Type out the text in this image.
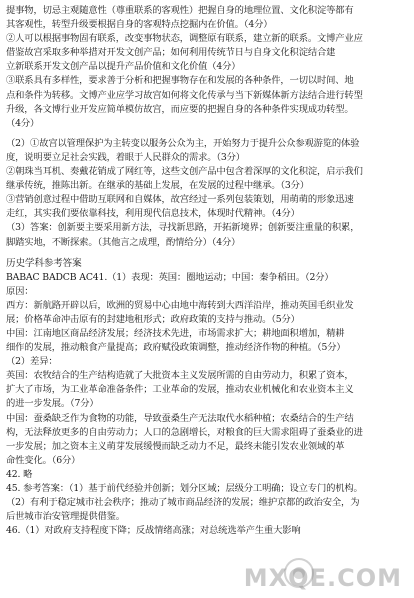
提事物，切忌主观随意性（尊重联系的客观性）把握自身的地理位置、文化积淀等都有
其客观性，转型升级要根据自身的客观特点挖掘内在价值。（4分）
②人可以根据事物固有联系，改变事物状态，调整原有联系，建立新的联系。文博产业应
借鉴故宫采取多种举措对开发文创产品；如何利用传统节日与自身文化积淀结合建
立新联系开发文创产品以提升产品价值和文化价值（4分）
③联系具有多样性，要求善于分析和把握事物存在和发展的各种条件，一切以时间、地
点和条件为转移。文博产业应学习故宫如何将文化传承与当下新媒体新方法结合进行转型
升级，各文博行业开发应简单模仿故宫，而应要的把握自身的各种条件实现成功转型。
（4分）
（2）①故宫以管理保护为主转变以服务公众为主，开始努力于提升公众参观游览的体验
度，说明要立足社会实践，着眼于人民群众的需求。（3分）
②朝珠当耳机、奏戴花销成了网红等，这些文创产品中包含着深厚的文化积淀，启示我们
继承传统，推陈出新。在继承的基础上发展，在发展的过程中继承。（3分）
③营销创意过程中借助互联网和自媒体，故宫经过一系列包装策划，用萌萌的形象迅速
走红，其实我们要依靠科技，利用现代信息技术，体现时代精神。（4分）
（3）答案：创新要主要采用新方法，寻找新思路，开拓新境界；创新要注重量的积累，
脚踏实地，不断探索。（其他言之成理，酌情给分）（4分）
历史学科参考答案
BABAC BADCB AC41.（1）表现：英国：圈地运动；中国：秦争稻田。（2分）
原因：
西方：新航路开辟以后，欧洲的贸易中心由地中海转到大西洋沿岸，推动英国毛织业发
展；价格革命冲击原有的封建地租形式；政府政策的支持与推动。（5分）
中国：江南地区商品经济发展；经济技术先进，市场需求扩大；耕地面积增加，精耕
细作的发展，推动粮食产量提高；政府赋役政策调整，推动经济作物的种植。（5分）
（2）差异：
英国：农牧结合的生产结构造就了大批资本主义发展所需的自由劳动力，积累了资本，
扩大了市场，为工业革命准备条件；工业革命的发展，推动农业机械化和农业资本主义
的进一步发展。（7分）
中国：蚕桑缺乏作为食物的功能，导致蚕桑生产无法取代水稻种植；农桑结合的生产结
构，无法释放更多的自由劳动力；人口的急剧增长，对粮食的巨大需求阻碍了蚕桑业的进
一步发展；加之资本主义萌芽发展缓慢而缺乏动力不足，最终未能引发农业领域的革
命性变化。（6分）
42. 略
45. 参考答案：（1）基于前代经验并创新；划分区域；层级分工明确；设立专门的机构。
（2）有利于稳定城市社会秩序；推动了城市商品经济的发展；维护京都的政治安全，为
后世城市治安管理提供借鉴。
46.（1）对政府支持程度下降；反战情绪高涨；对总统选举产生重大影响
MXQE.COM
